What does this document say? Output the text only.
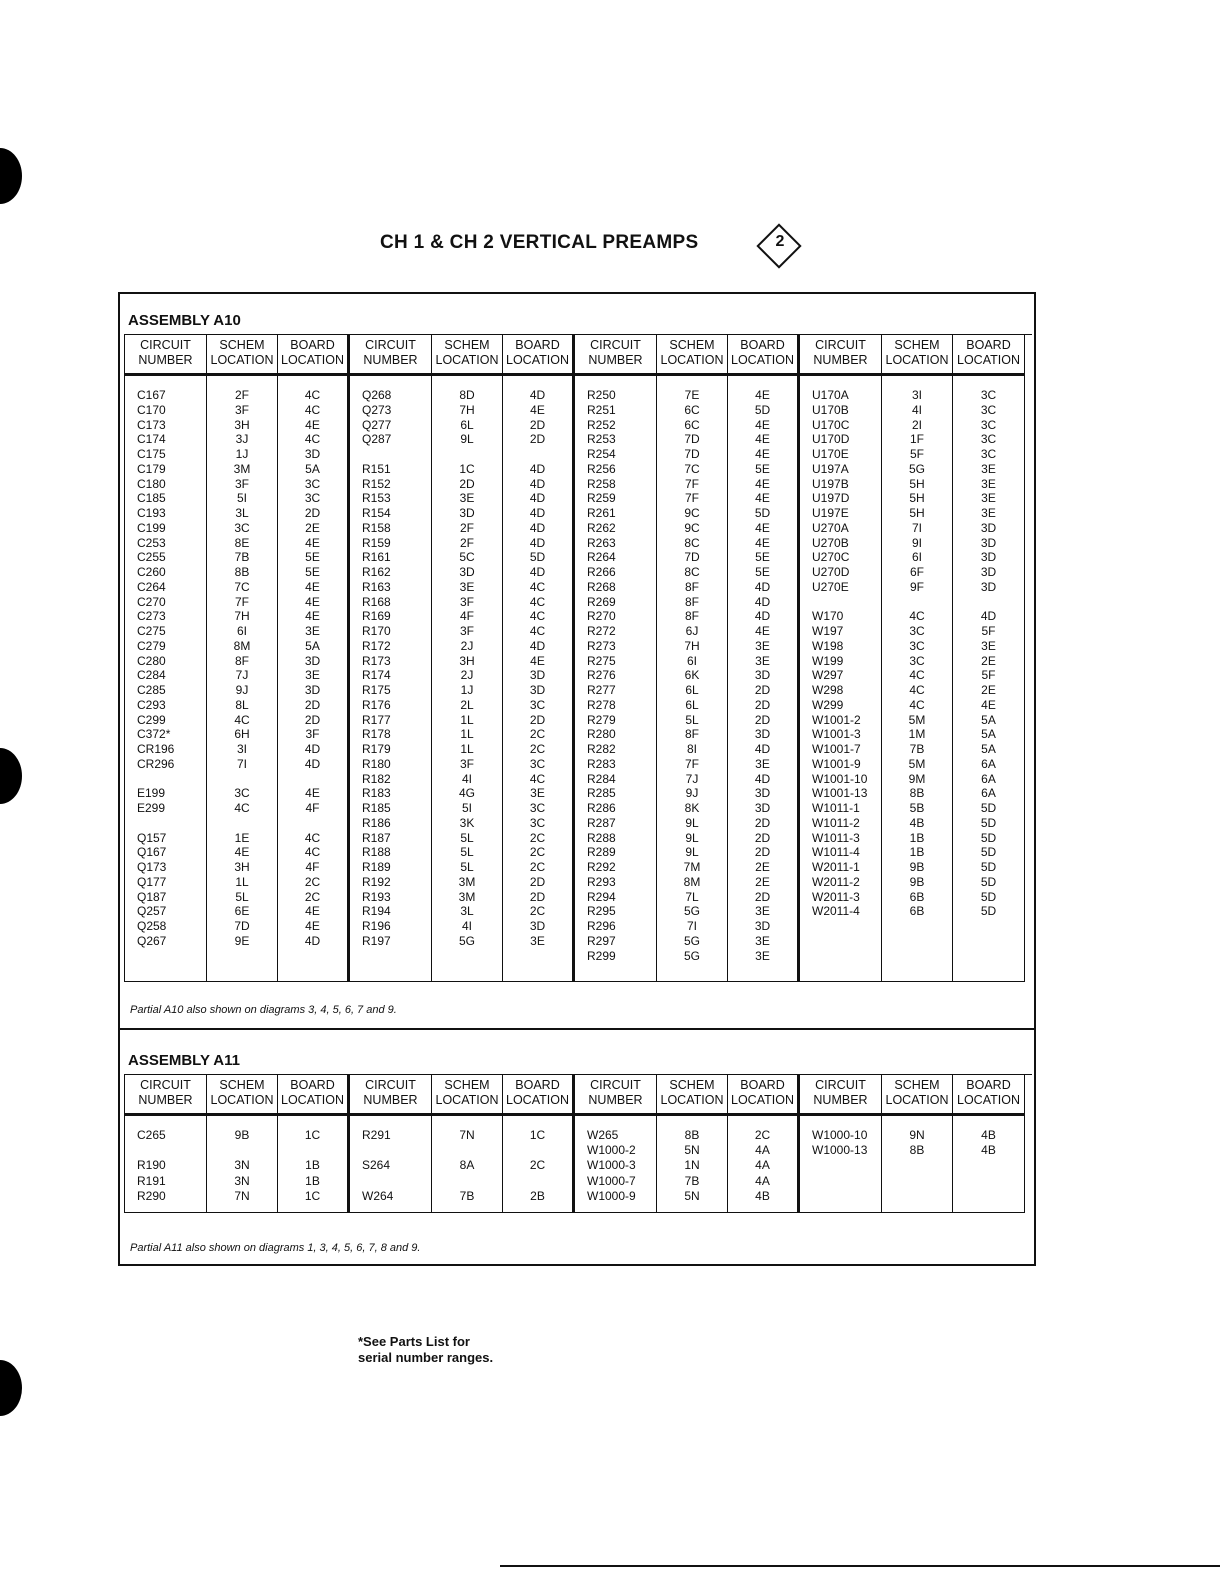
CH 1 & CH 2 VERTICAL PREAMPS	2
ASSEMBLY A10
CIRCUIT
NUMBER
C167
C170
C173
C174
C175
C179
C180
C185
C193
C199
C253
C255
C260
C264
C270
C273
C275
C279
C280
C284
C285
C293
C299
C372*
CR196
CR296
E199
E299
Q157
Q167
Q173
Q177
Q187
Q257
Q258
Q267
SCHEM
LOCATION
2F
3F
3H
3J
1J
3M
3F
5I
3L
3C
8E
7B
8B
7C
7F
7H
6I
8M
8F
7J
9J
8L
4C
6H
3I
7I
3C
4C
1E
4E
3H
1L
5L
6E
7D
9E
BOARD
LOCATION
4C
4C
4E
4C
3D
5A
3C
3C
2D
2E
4E
5E
5E
4E
4E
4E
3E
5A
3D
3E
3D
2D
2D
3F
4D
4D
4E
4F
4C
4C
4F
2C
2C
4E
4E
4D
CIRCUIT
NUMBER
Q268
Q273
Q277
Q287
R151
R152
R153
R154
R158
R159
R161
R162
R163
R168
R169
R170
R172
R173
R174
R175
R176
R177
R178
R179
R180
R182
R183
R185
R186
R187
R188
R189
R192
R193
R194
R196
R197
SCHEM
LOCATION
8D
7H
6L
9L
1C
2D
3E
3D
2F
2F
5C
3D
3E
3F
4F
3F
2J
3H
2J
1J
2L
1L
1L
1L
3F
4I
4G
5I
3K
5L
5L
5L
3M
3M
3L
4I
5G
BOARD
LOCATION
4D
4E
2D
2D
4D
4D
4D
4D
4D
4D
5D
4D
4C
4C
4C
4C
4D
4E
3D
3D
3C
2D
2C
2C
3C
4C
3E
3C
3C
2C
2C
2C
2D
2D
2C
3D
3E
CIRCUIT
NUMBER
R250
R251
R252
R253
R254
R256
R258
R259
R261
R262
R263
R264
R266
R268
R269
R270
R272
R273
R275
R276
R277
R278
R279
R280
R282
R283
R284
R285
R286
R287
R288
R289
R292
R293
R294
R295
R296
R297
R299
SCHEM
LOCATION
7E
6C
6C
7D
7D
7C
7F
7F
9C
9C
8C
7D
8C
8F
8F
8F
6J
7H
6I
6K
6L
6L
5L
8F
8I
7F
7J
9J
8K
9L
9L
9L
7M
8M
7L
5G
7I
5G
5G
BOARD
LOCATION
4E
5D
4E
4E
4E
5E
4E
4E
5D
4E
4E
5E
5E
4D
4D
4D
4E
3E
3E
3D
2D
2D
2D
3D
4D
3E
4D
3D
3D
2D
2D
2D
2E
2E
2D
3E
3D
3E
3E
CIRCUIT
NUMBER
U170A
U170B
U170C
U170D
U170E
U197A
U197B
U197D
U197E
U270A
U270B
U270C
U270D
U270E
W170
W197
W198
W199
W297
W298
W299
W1001-2
W1001-3
W1001-7
W1001-9
W1001-10
W1001-13
W1011-1
W1011-2
W1011-3
W1011-4
W2011-1
W2011-2
W2011-3
W2011-4
SCHEM
LOCATION
3I
4I
2I
1F
5F
5G
5H
5H
5H
7I
9I
6I
6F
9F
4C
3C
3C
3C
4C
4C
4C
5M
1M
7B
5M
9M
8B
5B
4B
1B
1B
9B
9B
6B
6B
BOARD
LOCATION
3C
3C
3C
3C
3C
3E
3E
3E
3E
3D
3D
3D
3D
3D
4D
5F
3E
2E
5F
2E
4E
5A
5A
5A
6A
6A
6A
5D
5D
5D
5D
5D
5D
5D
5D
Partial A10 also shown on diagrams 3, 4, 5, 6, 7 and 9.
ASSEMBLY A11
CIRCUIT
NUMBER
C265
R190
R191
R290
SCHEM
LOCATION
9B
3N
3N
7N
BOARD
LOCATION
1C
1B
1B
1C
CIRCUIT
NUMBER
R291
S264
W264
SCHEM
LOCATION
7N
8A
7B
BOARD
LOCATION
1C
2C
2B
CIRCUIT
NUMBER
W265
W1000-2
W1000-3
W1000-7
W1000-9
SCHEM
LOCATION
8B
5N
1N
7B
5N
BOARD
LOCATION
2C
4A
4A
4A
4B
CIRCUIT
NUMBER
W1000-10
W1000-13
SCHEM
LOCATION
9N
8B
BOARD
LOCATION
4B
4B
Partial A11 also shown on diagrams 1, 3, 4, 5, 6, 7, 8 and 9.
*See Parts List for
serial number ranges.
